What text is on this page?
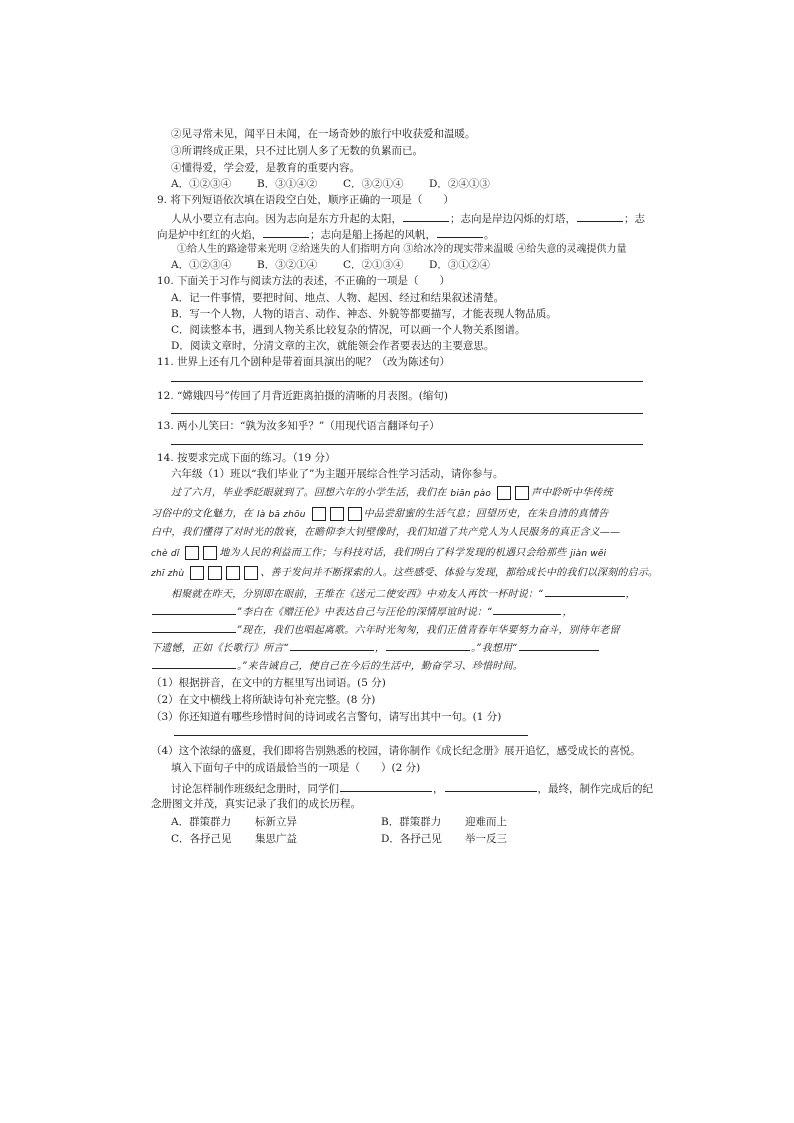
②见寻常未见，闻平日未闻，在一场奇妙的旅行中收获爱和温暖。
③所谓终成正果，只不过比别人多了无数的负累而已。
④懂得爱，学会爱，是教育的重要内容。
A．①②③④ B．③①④② C．③②①④ D．②④①③
9. 将下列短语依次填在语段空白处，顺序正确的一项是（　　）
人从小要立有志向。因为志向是东方升起的太阳，	；志向是岸边闪烁的灯塔，	；志
向是炉中红红的火焰，	；志向是船上扬起的风帆，	。
①给人生的路途带来光明 ②给迷失的人们指明方向 ③给冰冷的现实带来温暖 ④给失意的灵魂提供力量
A．①②③④ B．③②①④ C．②①③④ D．③①②④
10. 下面关于习作与阅读方法的表述，不正确的一项是（　　）
A．记一件事情，要把时间、地点、人物、起因、经过和结果叙述清楚。
B．写一个人物，人物的语言、动作、神态、外貌等都要描写，才能表现人物品质。
C．阅读整本书，遇到人物关系比较复杂的情况，可以画一个人物关系图谱。
D．阅读文章时，分清文章的主次，就能领会作者要表达的主要意思。
11. 世界上还有几个剧种是带着面具演出的呢？（改为陈述句）
12. “嫦娥四号”传回了月背近距离拍摄的清晰的月表图。(缩句)
13. 两小儿笑曰：“孰为汝多知乎？”（用现代语言翻译句子）
14. 按要求完成下面的练习。（19 分）
六年级（1）班以“我们毕业了”为主题开展综合性学习活动，请你参与。
过了六月，毕业季眨眼就到了。回想六年的小学生活，我们在 biān pào	声中聆听中华传统
习俗中的文化魅力，在 là bā zhōu	中品尝甜蜜的生活气息；回望历史，在朱自清的真情告
白中，我们懂得了对时光的散衰，在瞻仰李大钊壁像时，我们知道了共产党人为人民服务的真正含义——
chè dǐ	地为人民的利益而工作；与科技对话，我们明白了科学发现的机遇只会给那些 jiàn wēi
zhī zhù	、善于发问并不断探索的人。这些感受、体验与发现，都给成长中的我们以深刻的启示。
相聚就在昨天，分别即在眼前，王维在《送元二使安西》中劝友人再饮一杯时说：“	，
”李白在《赠汪伦》中表达自己与汪伦的深情厚谊时说：“	，
”现在，我们也唱起离歌。六年时光匆匆，我们正值青春年华要努力奋斗，别待年老留
下遗憾，正如《长歌行》所言“	，	。”我想用“
。”来告诫自己，使自己在今后的生活中，勤奋学习、珍惜时间。
（1）根据拼音，在文中的方框里写出词语。(5 分)
（2）在文中横线上将所缺诗句补充完整。(8 分)
（3）你还知道有哪些珍惜时间的诗词或名言警句，请写出其中一句。(1 分)
（4）这个浓绿的盛夏，我们即将告别熟悉的校园，请你制作《成长纪念册》展开追忆，感受成长的喜悦。
填入下面句子中的成语最恰当的一项是（　　）(2 分)
讨论怎样制作班级纪念册时，同学们	，	，最终，制作完成后的纪
念册图文并茂，真实记录了我们的成长历程。
A．群策群力 标新立异	B．群策群力 迎难而上
C．各抒己见 集思广益	D．各抒己见 举一反三
